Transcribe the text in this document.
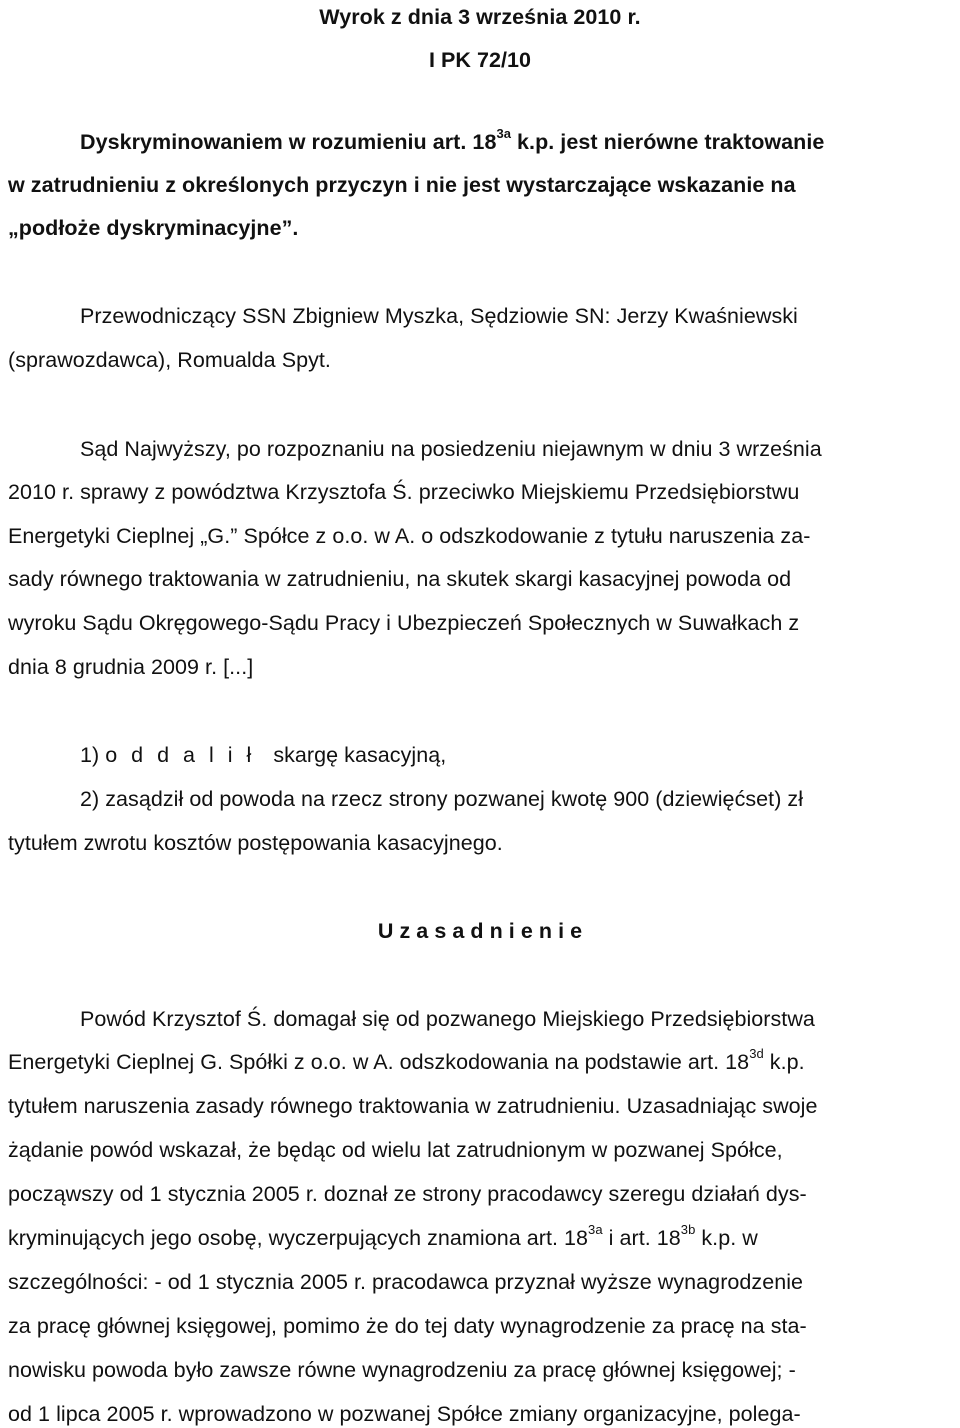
Wyrok z dnia 3 września 2010 r.
I PK 72/10
Dyskryminowaniem w rozumieniu art. $18^{3a}$ k.p. jest nierówne traktowanie
w zatrudnieniu z określonych przyczyn i nie jest wystarczające wskazanie na
„podłoże dyskryminacyjne”.
Przewodniczący SSN Zbigniew Myszka, Sędziowie SN: Jerzy Kwaśniewski
(sprawozdawca), Romualda Spyt.
Sąd Najwyższy, po rozpoznaniu na posiedzeniu niejawnym w dniu 3 września
2010 r. sprawy z powództwa Krzysztofa Ś. przeciwko Miejskiemu Przedsiębiorstwu
Energetyki Cieplnej „G.” Spółce z o.o. w A. o odszkodowanie z tytułu naruszenia za-
sady równego traktowania w zatrudnieniu, na skutek skargi kasacyjnej powoda od
wyroku Sądu Okręgowego-Sądu Pracy i Ubezpieczeń Społecznych w Suwałkach z
dnia 8 grudnia 2009 r. [...]
1) o d d a l i ł   skargę kasacyjną,
2) zasądził od powoda na rzecz strony pozwanej kwotę 900 (dziewięćset) zł
tytułem zwrotu kosztów postępowania kasacyjnego.
U z a s a d n i e n i e
Powód Krzysztof Ś. domagał się od pozwanego Miejskiego Przedsiębiorstwa
Energetyki Cieplnej G. Spółki z o.o. w A. odszkodowania na podstawie art. $18^{3d}$ k.p.
tytułem naruszenia zasady równego traktowania w zatrudnieniu. Uzasadniając swoje
żądanie powód wskazał, że będąc od wielu lat zatrudnionym w pozwanej Spółce,
począwszy od 1 stycznia 2005 r. doznał ze strony pracodawcy szeregu działań dys-
kryminujących jego osobę, wyczerpujących znamiona art. $18^{3a}$ i art. $18^{3b}$ k.p. w
szczególności: - od 1 stycznia 2005 r. pracodawca przyznał wyższe wynagrodzenie
za pracę głównej księgowej, pomimo że do tej daty wynagrodzenie za pracę na sta-
nowisku powoda było zawsze równe wynagrodzeniu za pracę głównej księgowej; -
od 1 lipca 2005 r. wprowadzono w pozwanej Spółce zmiany organizacyjne, polega-
